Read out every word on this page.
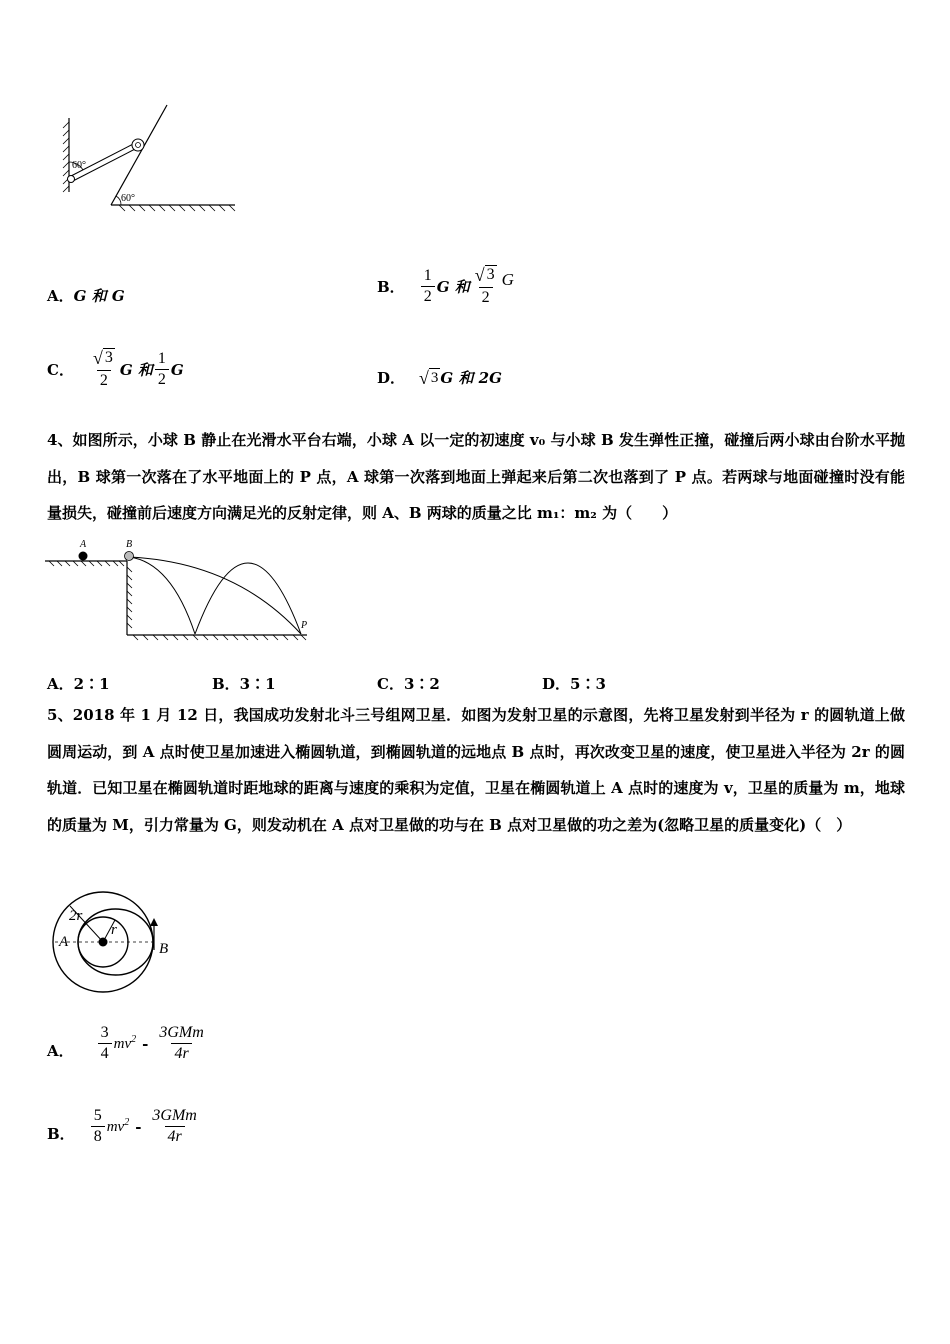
60°
60°
A． G 和 G	B． $\frac{1}{2}$ G 和 $\frac{√ 3}{2}$ G
C． $\frac{√ 3}{2}$ G 和 $\frac{1}{2}$ G	D． √ 3 G 和 2G
4、如图所示，小球 B 静止在光滑水平台右端，小球 A 以一定的初速度 v₀ 与小球 B 发生弹性正撞，碰撞后两小球由台阶水平抛出，B 球第一次落在了水平地面上的 P 点，A 球第一次落到地面上弹起来后第二次也落到了 P 点。若两球与地面碰撞时没有能量损失，碰撞前后速度方向满足光的反射定律，则 A、B 两球的质量之比 m₁：m₂ 为（　　）
A	B
P
A．2∶1	B．3∶1	C．3∶2	D．5∶3
5、2018 年 1 月 12 日，我国成功发射北斗三号组网卫星．如图为发射卫星的示意图，先将卫星发射到半径为 r 的圆轨道上做圆周运动，到 A 点时使卫星加速进入椭圆轨道，到椭圆轨道的远地点 B 点时，再次改变卫星的速度，使卫星进入半径为 2r 的圆轨道．已知卫星在椭圆轨道时距地球的距离与速度的乘积为定值，卫星在椭圆轨道上 A 点时的速度为 v，卫星的质量为 m，地球的质量为 M，引力常量为 G，则发动机在 A 点对卫星做的功与在 B 点对卫星做的功之差为(忽略卫星的质量变化)（　）
2r
r
A	B
A． $\frac{3}{4} mv^2 - \frac{\text{3GMm}}{4r}$
B． $\frac{5}{8} mv^2 - \frac{\text{3GMm}}{4r}$
